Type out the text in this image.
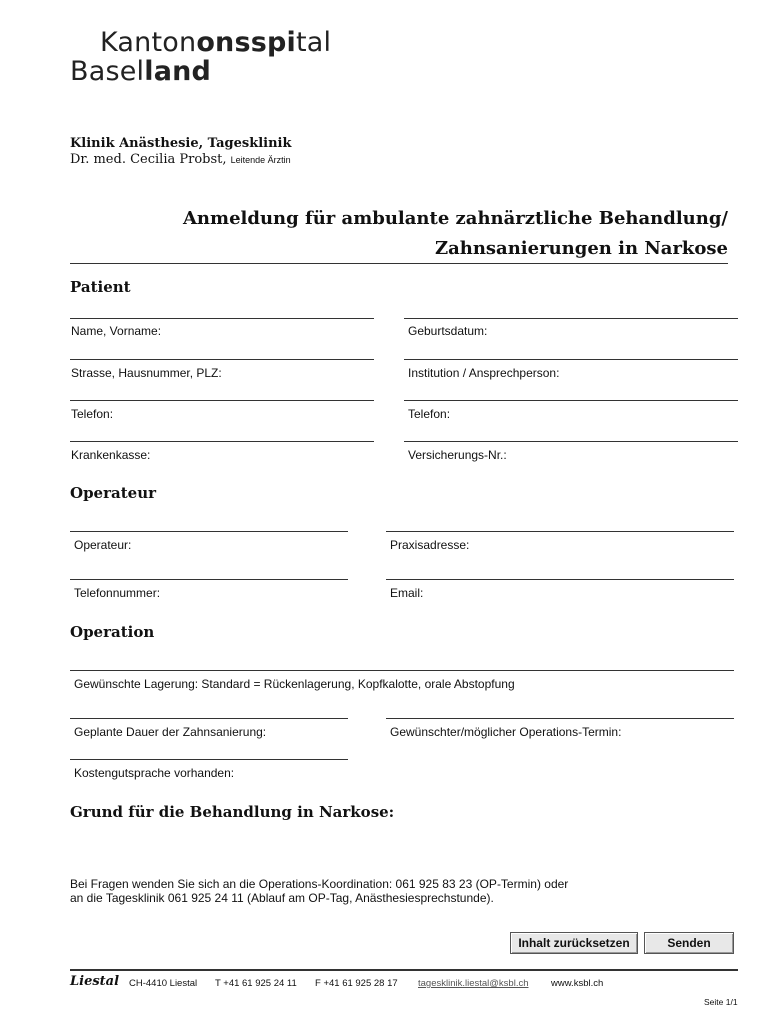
Kantononsspital
Baselland
Klinik Anästhesie, Tagesklinik
Dr. med. Cecilia Probst, Leitende Ärztin
Anmeldung für ambulante zahnärztliche Behandlung/
Zahnsanierungen in Narkose
Patient
Name, Vorname:	Geburtsdatum:
Strasse, Hausnummer, PLZ:	Institution / Ansprechperson:
Telefon:	Telefon:
Krankenkasse:	Versicherungs-Nr.:
Operateur
Operateur:	Praxisadresse:
Telefonnummer:	Email:
Operation
Gewünschte Lagerung: Standard = Rückenlagerung, Kopfkalotte, orale Abstopfung
Geplante Dauer der Zahnsanierung:	Gewünschter/möglicher Operations-Termin:
Kostengutsprache vorhanden:
Grund für die Behandlung in Narkose:
Bei Fragen wenden Sie sich an die Operations-Koordination: 061 925 83 23 (OP-Termin) oder
an die Tagesklinik 061 925 24 11 (Ablauf am OP-Tag, Anästhesiesprechstunde).
Inhalt zurücksetzen	Senden
Liestal CH-4410 Liestal T +41 61 925 24 11 F +41 61 925 28 17 tagesklinik.liestal@ksbl.ch www.ksbl.ch
Seite 1/1
